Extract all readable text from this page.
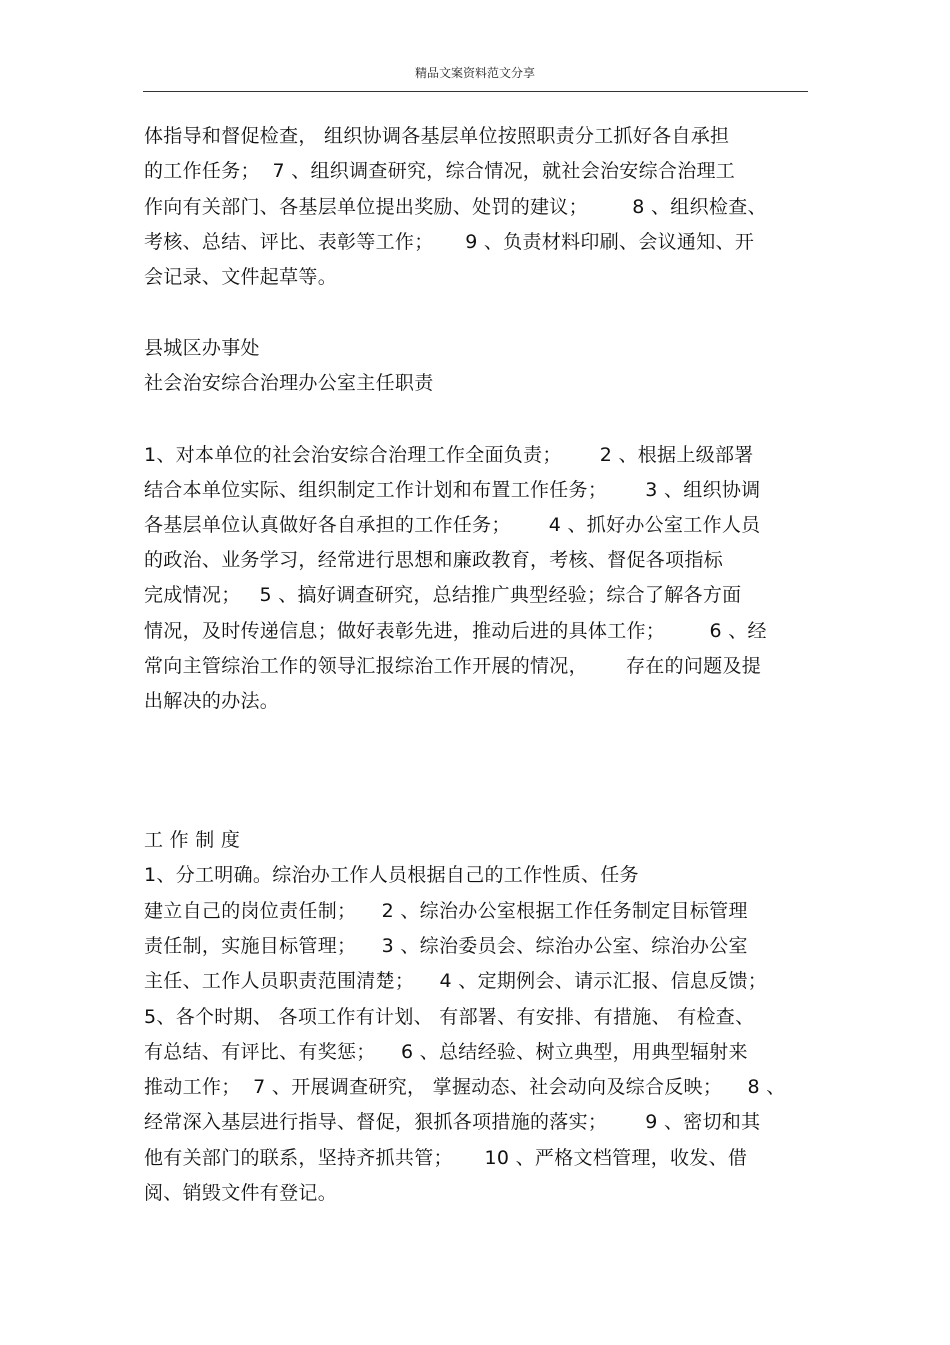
精品文案资料范文分享
体指导和督促检查， 组织协调各基层单位按照职责分工抓好各自承担
的工作任务；  7 、组织调查研究，综合情况，就社会治安综合治理工
作向有关部门、各基层单位提出奖励、处罚的建议；       8 、组织检查、
考核、总结、评比、表彰等工作；     9 、负责材料印刷、会议通知、开
会记录、文件起草等。
县城区办事处
社会治安综合治理办公室主任职责
1、对本单位的社会治安综合治理工作全面负责；      2 、根据上级部署
结合本单位实际、组织制定工作计划和布置工作任务；      3 、组织协调
各基层单位认真做好各自承担的工作任务；      4 、抓好办公室工作人员
的政治、业务学习，经常进行思想和廉政教育，考核、督促各项指标
完成情况；   5 、搞好调查研究，总结推广典型经验；综合了解各方面
情况，及时传递信息；做好表彰先进，推动后进的具体工作；       6 、经
常向主管综治工作的领导汇报综治工作开展的情况，      存在的问题及提
出解决的办法。
工 作 制 度
1、分工明确。综治办工作人员根据自己的工作性质、任务
建立自己的岗位责任制；    2 、综治办公室根据工作任务制定目标管理
责任制，实施目标管理；    3 、综治委员会、综治办公室、综治办公室
主任、工作人员职责范围清楚；    4 、定期例会、请示汇报、信息反馈；
5、各个时期、 各项工作有计划、 有部署、有安排、有措施、 有检查、
有总结、有评比、有奖惩；    6 、总结经验、树立典型，用典型辐射来
推动工作；  7 、开展调查研究， 掌握动态、社会动向及综合反映；    8 、
经常深入基层进行指导、督促，狠抓各项措施的落实；      9 、密切和其
他有关部门的联系，坚持齐抓共管；     10 、严格文档管理，收发、借
阅、销毁文件有登记。
